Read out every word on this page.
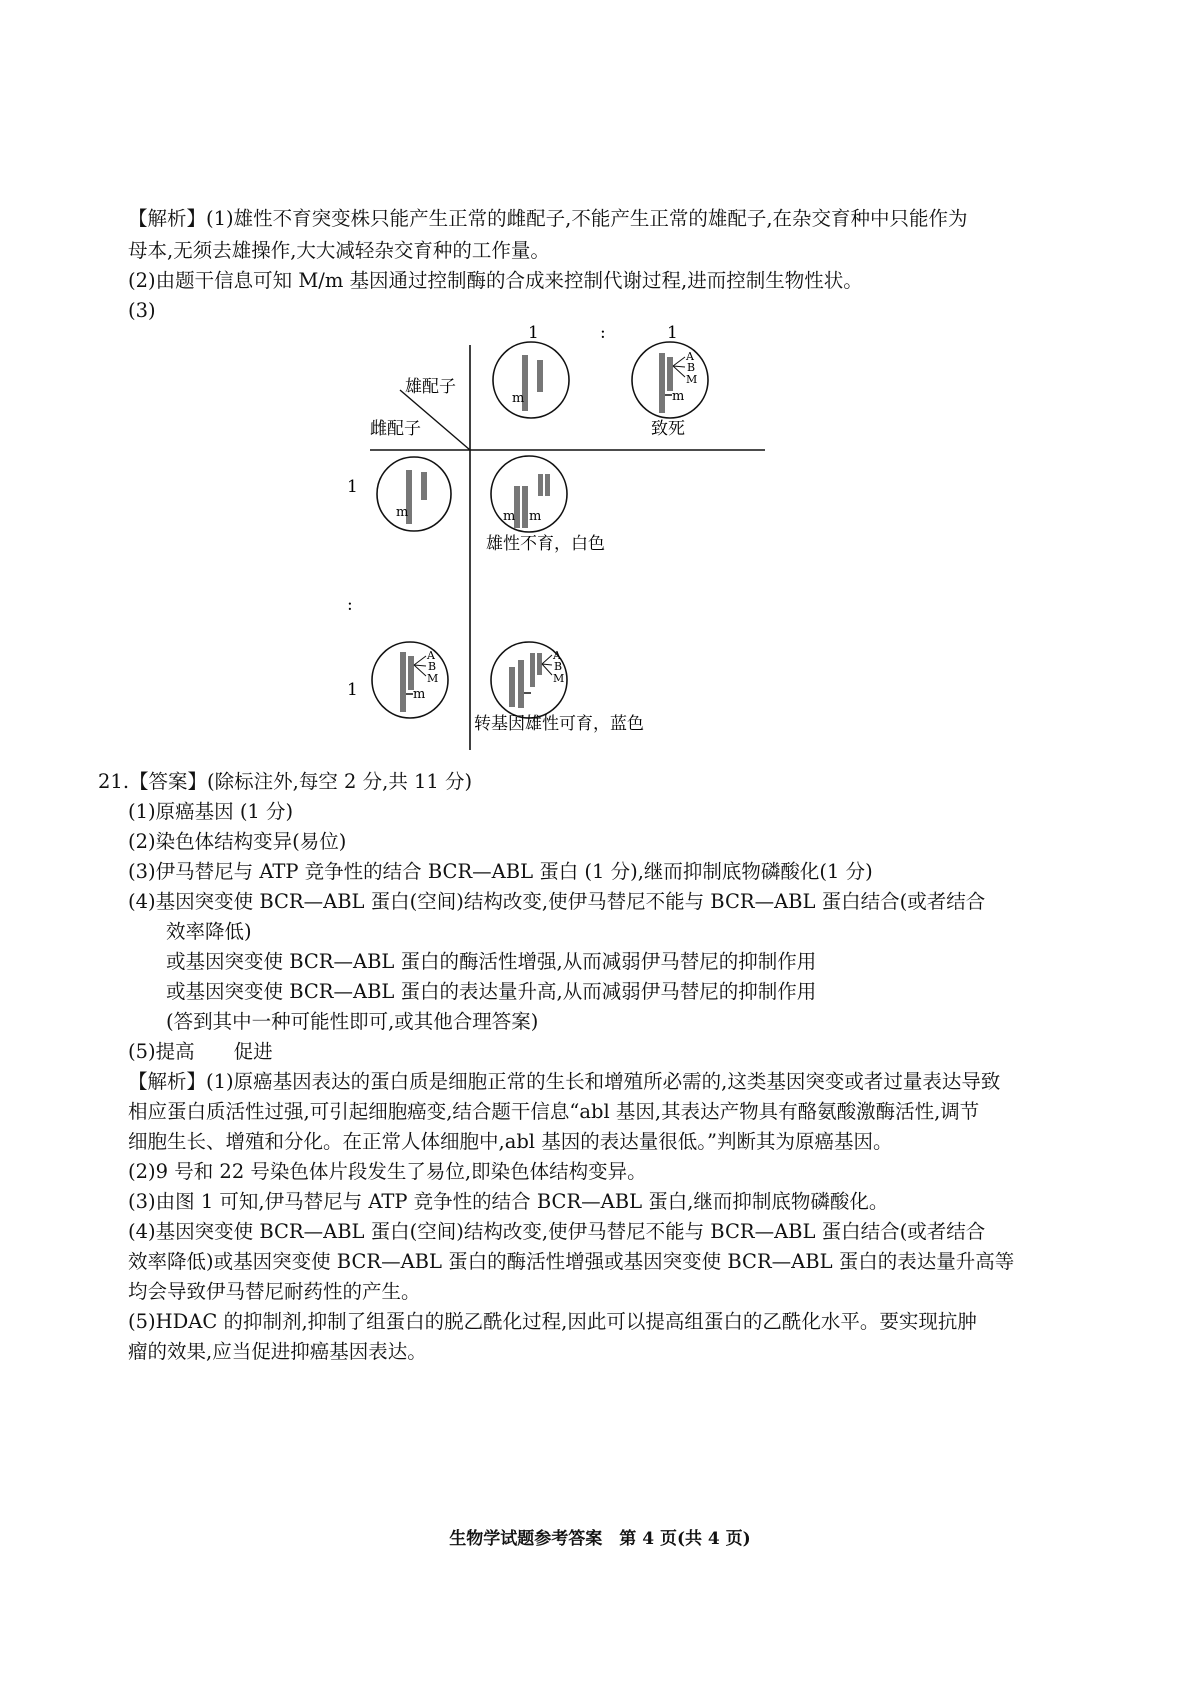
【解析】(1)雄性不育突变株只能产生正常的雌配子,不能产生正常的雄配子,在杂交育种中只能作为
母本,无须去雄操作,大大减轻杂交育种的工作量。
(2)由题干信息可知 M/m 基因通过控制酶的合成来控制代谢过程,进而控制生物性状。
(3)
1	:	1
雄配子
雌配子	致死
m
A
B
M
m
1
:
1
m
A
B
M
m
m m
雄性不育，白色
A
B
M
转基因雄性可育，蓝色
21.【答案】(除标注外,每空 2 分,共 11 分)
(1)原癌基因 (1 分)
(2)染色体结构变异(易位)
(3)伊马替尼与 ATP 竞争性的结合 BCR—ABL 蛋白 (1 分),继而抑制底物磷酸化(1 分)
(4)基因突变使 BCR—ABL 蛋白(空间)结构改变,使伊马替尼不能与 BCR—ABL 蛋白结合(或者结合
效率降低)
或基因突变使 BCR—ABL 蛋白的酶活性增强,从而减弱伊马替尼的抑制作用
或基因突变使 BCR—ABL 蛋白的表达量升高,从而减弱伊马替尼的抑制作用
(答到其中一种可能性即可,或其他合理答案)
(5)提高　　促进
【解析】(1)原癌基因表达的蛋白质是细胞正常的生长和增殖所必需的,这类基因突变或者过量表达导致
相应蛋白质活性过强,可引起细胞癌变,结合题干信息“abl 基因,其表达产物具有酪氨酸激酶活性,调节
细胞生长、增殖和分化。在正常人体细胞中,abl 基因的表达量很低。”判断其为原癌基因。
(2)9 号和 22 号染色体片段发生了易位,即染色体结构变异。
(3)由图 1 可知,伊马替尼与 ATP 竞争性的结合 BCR—ABL 蛋白,继而抑制底物磷酸化。
(4)基因突变使 BCR—ABL 蛋白(空间)结构改变,使伊马替尼不能与 BCR—ABL 蛋白结合(或者结合
效率降低)或基因突变使 BCR—ABL 蛋白的酶活性增强或基因突变使 BCR—ABL 蛋白的表达量升高等
均会导致伊马替尼耐药性的产生。
(5)HDAC 的抑制剂,抑制了组蛋白的脱乙酰化过程,因此可以提高组蛋白的乙酰化水平。要实现抗肿
瘤的效果,应当促进抑癌基因表达。
生物学试题参考答案　第 4 页(共 4 页)
